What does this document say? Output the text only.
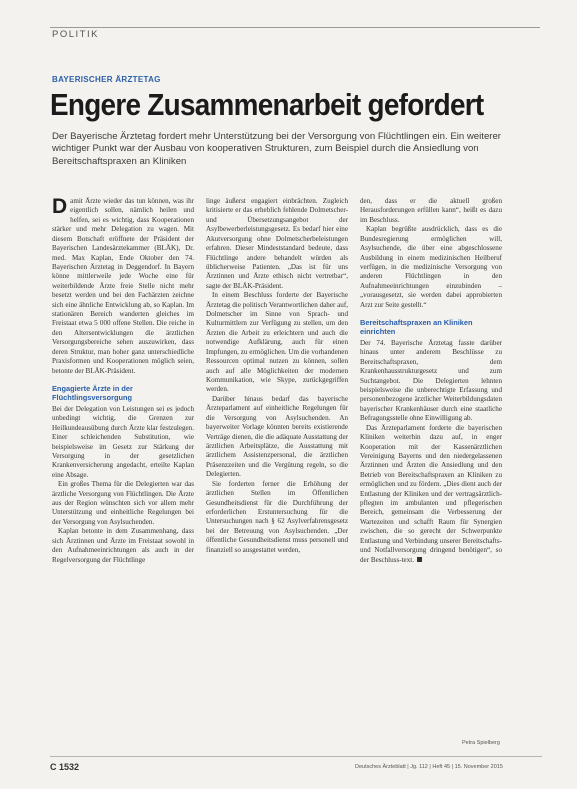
POLITIK
BAYERISCHER ÄRZTETAG
Engere Zusammenarbeit gefordert
Der Bayerische Ärztetag fordert mehr Unterstützung bei der Versorgung von Flüchtlingen ein. Ein weiterer wichtiger Punkt war der Ausbau von kooperativen Strukturen, zum Beispiel durch die Ansiedlung von Bereitschaftspraxen an Kliniken

Damit Ärzte wieder das tun können, was ihr eigentlich sollen, nämlich heilen und helfen, sei es wichtig, dass Kooperationen stärker und mehr Delegation zu wagen. Mit diesem Botschaft eröffnete der Präsident der Bayerischen Landesärztekammer (BLÄK), Dr. med. Max Kaplan, Ende Oktober den 74. Bayerischen Ärztetag in Deggendorf. In Bayern könne mittlerweile jede Woche eine für weiterbildende Ärzte freie Stelle nicht mehr besetzt werden und bei den Fachärzten zeichne sich eine ähnliche Entwicklung ab, so Kaplan. Im stationären Bereich wanderten gleiches im Freistaat etwa 5 000 offene Stellen. Die reiche in den Altersentwicklungen die ärztlichen Versorgungsbereiche sehen auszuwirken, dass deren Struktur, man hoher ganz unterschiedliche Praxisformen und Kooperationen möglich seien, betonte der BLÄK-Präsident.

Engagierte Ärzte in der Flüchtlingsversorgung

Bei der Delegation von Leistungen sei es jedoch unbedingt wichtig, die Grenzen zur Heilkundeausübung durch Ärzte klar festzulegen. Einer schleichenden Substitution, wie beispielsweise im Gesetz zur Stärkung der Versorgung in der gesetzlichen Krankenversicherung angedacht, erteilte Kaplan eine Absage.

Ein großes Thema für die Delegierten war das ärztliche Versorgung von Flüchtlingen. Die Ärzte aus der Region wünschten sich vor allem mehr Unterstützung und einheitliche Regelungen bei der Versorgung von Asylsuchenden.

Kaplan betonte in dem Zusammenhang, dass sich Ärztinnen und Ärzte im Freistaat sowohl in den Aufnahmeeinrichtungen als auch in der Regelversorgung der Flüchtlinge

linge äußerst engagiert einbrächten. Zugleich kritisierte er das erheblich fehlende Dolmetscher- und Übersetzungsangebot der Asylbewerberleistungsgesetz. Es bedarf hier eine Akutversorgung ohne Dolmetscherbeleistungen erfahren. Dieser Mindeststandard bedeute, dass Flüchtlinge andere behandelt würden als üblicherweise Patienten. „Das ist für uns Ärztinnen und Ärzte ethisch nicht vertretbar“, sagte der BLÄK-Präsident.

In einem Beschluss forderte der Bayerische Ärztetag die politisch Verantwortlichen daher auf, Dolmetscher im Sinne von Sprach- und Kulturmittlern zur Verfügung zu stellen, um den Ärzten die Arbeit zu erleichtern und auch die notwendige Aufklärung, auch für einen Impfungen, zu ermöglichen. Um die vorhandenen Ressourcen optimal nutzen zu können, sollen auch auf alle Möglichkeiten der modernen Kommunikation, wie Skype, zurückgegriffen werden.

Darüber hinaus bedarf das bayerische Ärzteparlament auf einheitliche Regelungen für die Versorgung von Asylsuchenden. An bayerweiter Vorlage könnten bereits existierende Verträge dienen, die die adäquate Ausstattung der ärztlichen Arbeitsplätze, die Ausstattung mit ärztlichem Assistenzpersonal, die ärztlichen Präsenzzeiten und die Vergütung regeln, so die Delegierten.

Sie forderten ferner die Erhöhung der ärztlichen Stellen im Öffentlichen Gesundheitsdienst für die Durchführung der erforderlichen Erstuntersuchung für die Untersuchungen nach § 62 Asylverfahrensgesetz bei der Betreuung von Asylsuchenden. „Der öffentliche Gesundheitsdienst muss personell und finanziell so ausgestattet werden,

den, dass er die aktuell großen Herausforderungen erfüllen kann“, heißt es dazu im Beschluss.

Kaplan begrüßte ausdrücklich, dass es die Bundesregierung ermöglichen will, Asylsuchende, die über eine abgeschlossene Ausbildung in einem medizinischen Heilberuf verfügen, in die medizinische Versorgung von anderen Flüchtlingen in den Aufnahmeeinrichtungen einzubinden – „vorausgesetzt, sie werden dabei approbierten Arzt zur Seite gestellt.“

Bereitschaftspraxen an Kliniken einrichten

Der 74. Bayerische Ärztetag fasste darüber hinaus unter anderem Beschlüsse zu Bereitschaftspraxen, dem Krankenhausstrukturgesetz und zum Suchtangebot. Die Delegierten lehnten beispielsweise die unberechtigte Erfassung und personenbezogene ärztlicher Weiterbildungsdaten bayerischer Krankenhäuser durch eine staatliche Befragungsstelle ohne Einwilligung ab.

Das Ärzteparlament forderte die bayerischen Kliniken weiterhin dazu auf, in enger Kooperation mit der Kassenärztlichen Vereinigung Bayerns und den niedergelassenen Ärztinnen und Ärzten die Ansiedlung und den Betrieb von Bereitschaftspraxen an Kliniken zu ermöglichen und zu fördern. „Dies dient auch der Entlastung der Kliniken und der vertragsärztlich-pflegten im ambulanten und pflegerischen Bereich, gemeinsam die Verbesserung der Wartezeiten und schafft Raum für Synergien zwischen, die so gerecht der Schwerpunkte Entlastung und Verbindung unserer Bereitschafts- und Notfallversorgung dringend benötigen“, so der Beschluss-text.

Petra Spielberg
C 1532	Deutsches Ärzteblatt | Jg. 112 | Heft 45 | 15. November 2015
